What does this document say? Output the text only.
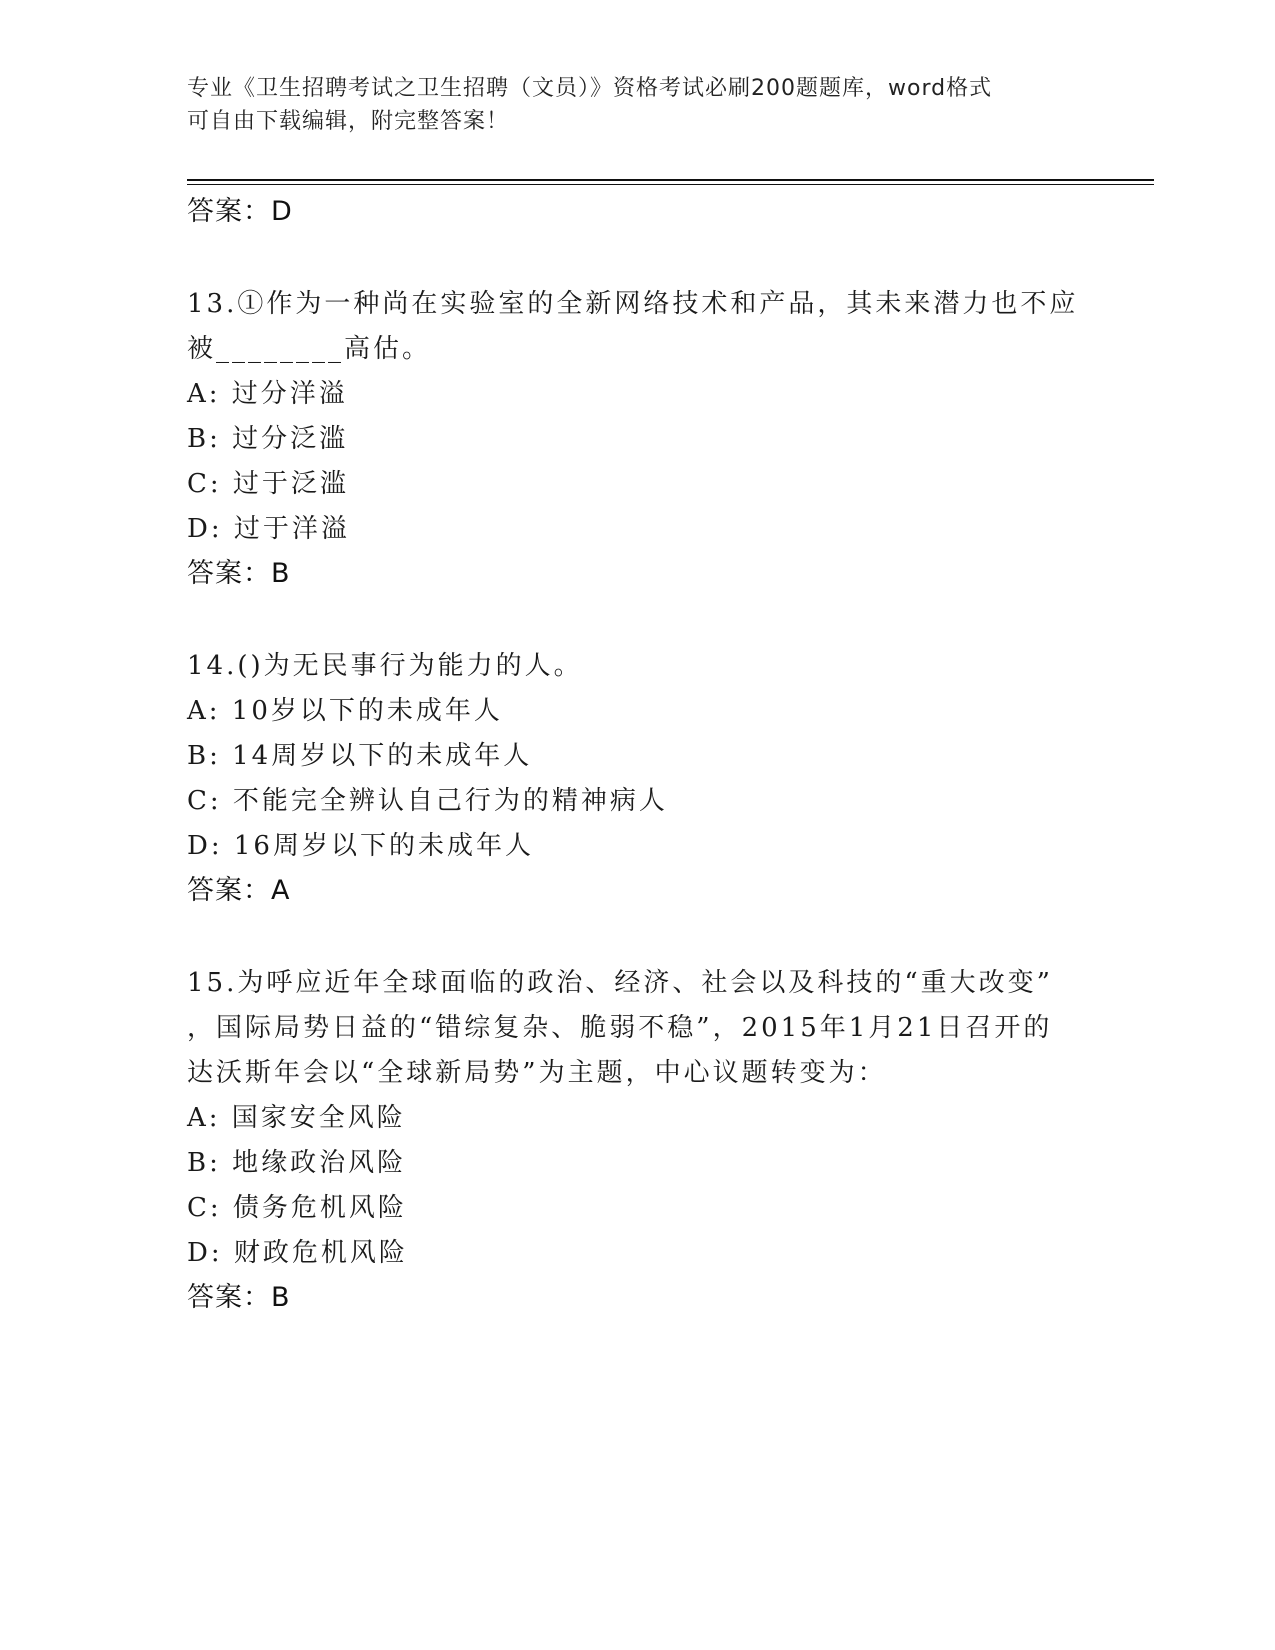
专业《卫生招聘考试之卫生招聘（文员）》资格考试必刷200题题库，word格式
可自由下载编辑，附完整答案！
答案：D
13.①作为一种尚在实验室的全新网络技术和产品，其未来潜力也不应
被________高估。
A: 过分洋溢
B: 过分泛滥
C: 过于泛滥
D: 过于洋溢
答案：B
14.()为无民事行为能力的人。
A: 10岁以下的未成年人
B: 14周岁以下的未成年人
C: 不能完全辨认自己行为的精神病人
D: 16周岁以下的未成年人
答案：A
15.为呼应近年全球面临的政治、经济、社会以及科技的“重大改变”
，国际局势日益的“错综复杂、脆弱不稳”，2015年1月21日召开的
达沃斯年会以“全球新局势”为主题，中心议题转变为：
A: 国家安全风险
B: 地缘政治风险
C: 债务危机风险
D: 财政危机风险
答案：B
